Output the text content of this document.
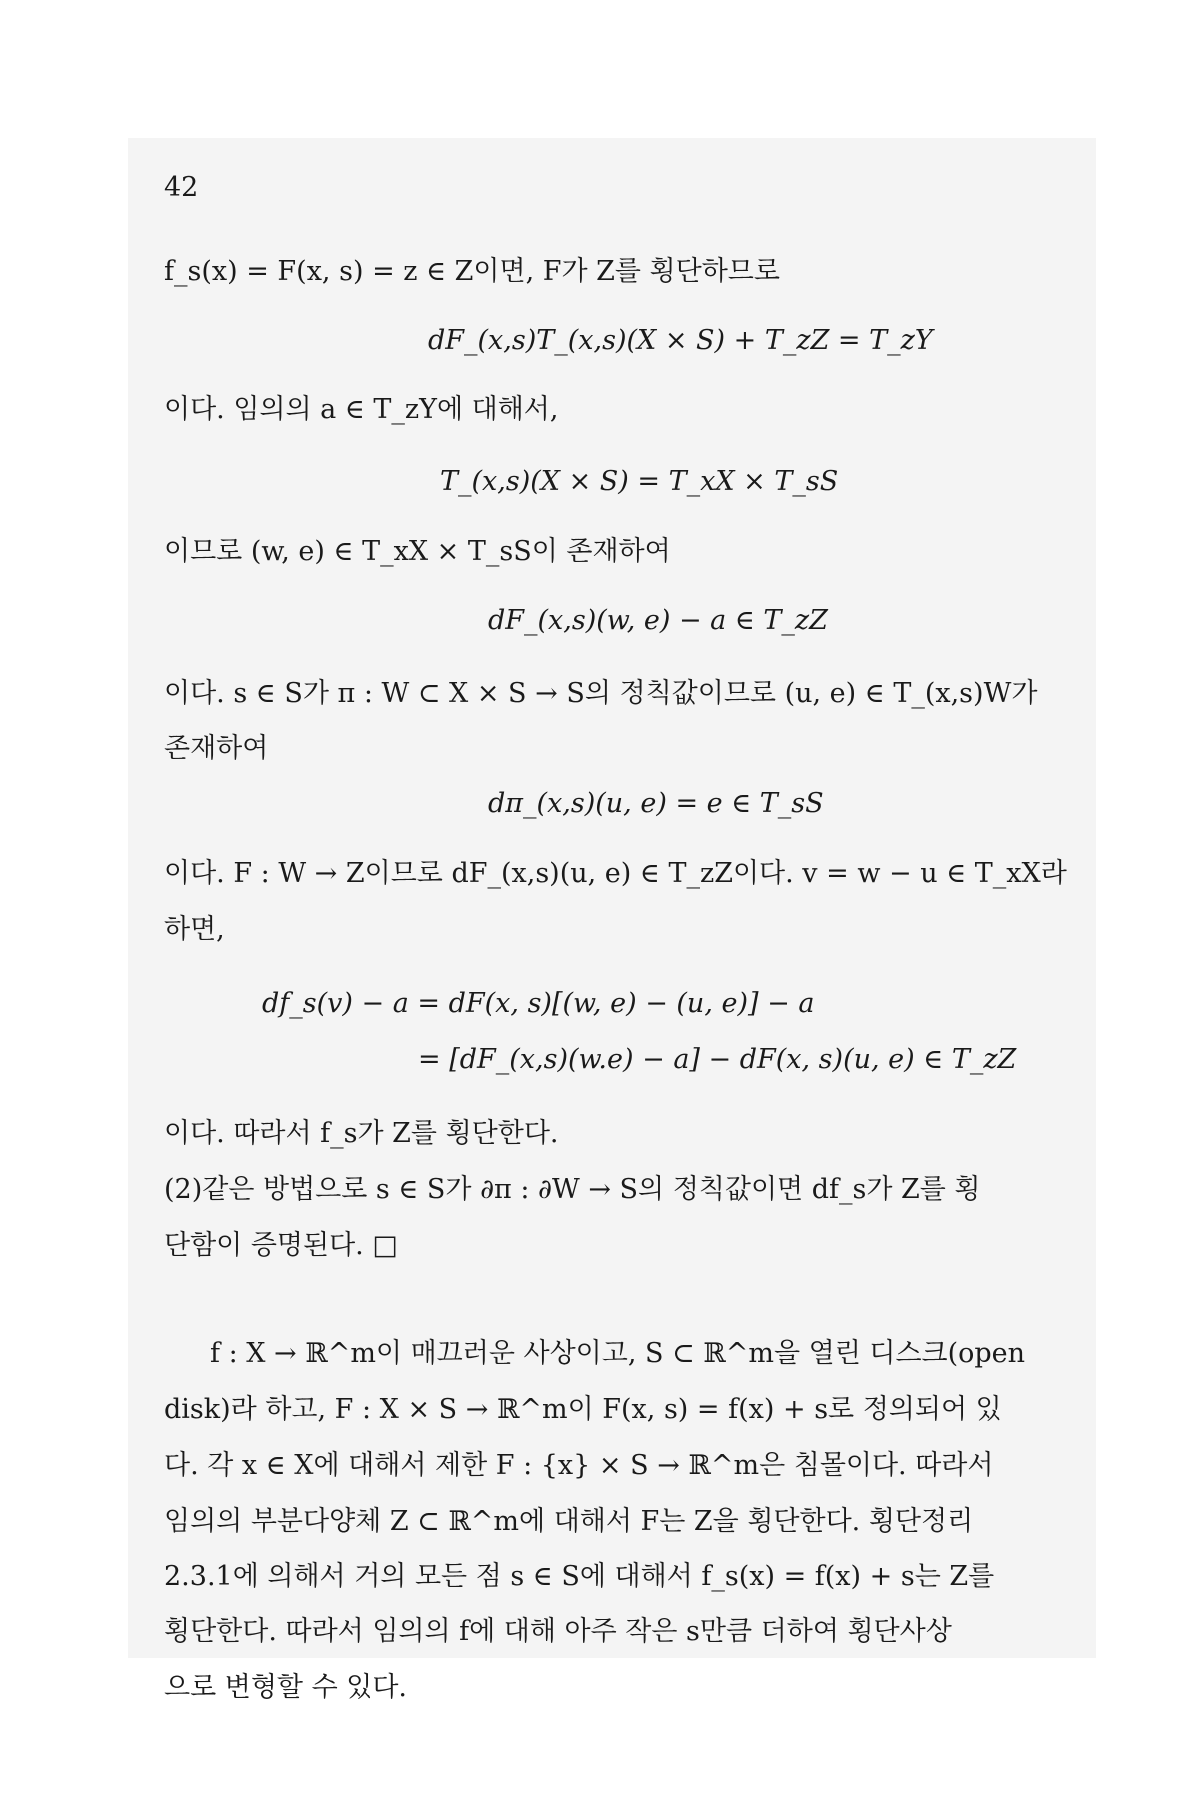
42
f_s(x) = F(x, s) = z ∈ Z이면, F가 Z를 횡단하므로
dF_(x,s)T_(x,s)(X × S) + T_zZ = T_zY
이다. 임의의 a ∈ T_zY에 대해서,
T_(x,s)(X × S) = T_xX × T_sS
이므로 (w, e) ∈ T_xX × T_sS이 존재하여
dF_(x,s)(w, e) − a ∈ T_zZ
이다. s ∈ S가 π : W ⊂ X × S → S의 정칙값이므로 (u, e) ∈ T_(x,s)W가
존재하여
dπ_(x,s)(u, e) = e ∈ T_sS
이다. F : W → Z이므로 dF_(x,s)(u, e) ∈ T_zZ이다. v = w − u ∈ T_xX라
하면,
df_s(v) − a = dF(x, s)[(w, e) − (u, e)] − a
= [dF_(x,s)(w.e) − a] − dF(x, s)(u, e) ∈ T_zZ
이다. 따라서 f_s가 Z를 횡단한다.
(2)같은 방법으로 s ∈ S가 ∂π : ∂W → S의 정칙값이면 df_s가 Z를 횡
단함이 증명된다. □
f : X → ℝ^m이 매끄러운 사상이고, S ⊂ ℝ^m을 열린 디스크(open
disk)라 하고, F : X × S → ℝ^m이 F(x, s) = f(x) + s로 정의되어 있
다. 각 x ∈ X에 대해서 제한 F : {x} × S → ℝ^m은 침몰이다. 따라서
임의의 부분다양체 Z ⊂ ℝ^m에 대해서 F는 Z을 횡단한다. 횡단정리
2.3.1에 의해서 거의 모든 점 s ∈ S에 대해서 f_s(x) = f(x) + s는 Z를
횡단한다. 따라서 임의의 f에 대해 아주 작은 s만큼 더하여 횡단사상
으로 변형할 수 있다.
